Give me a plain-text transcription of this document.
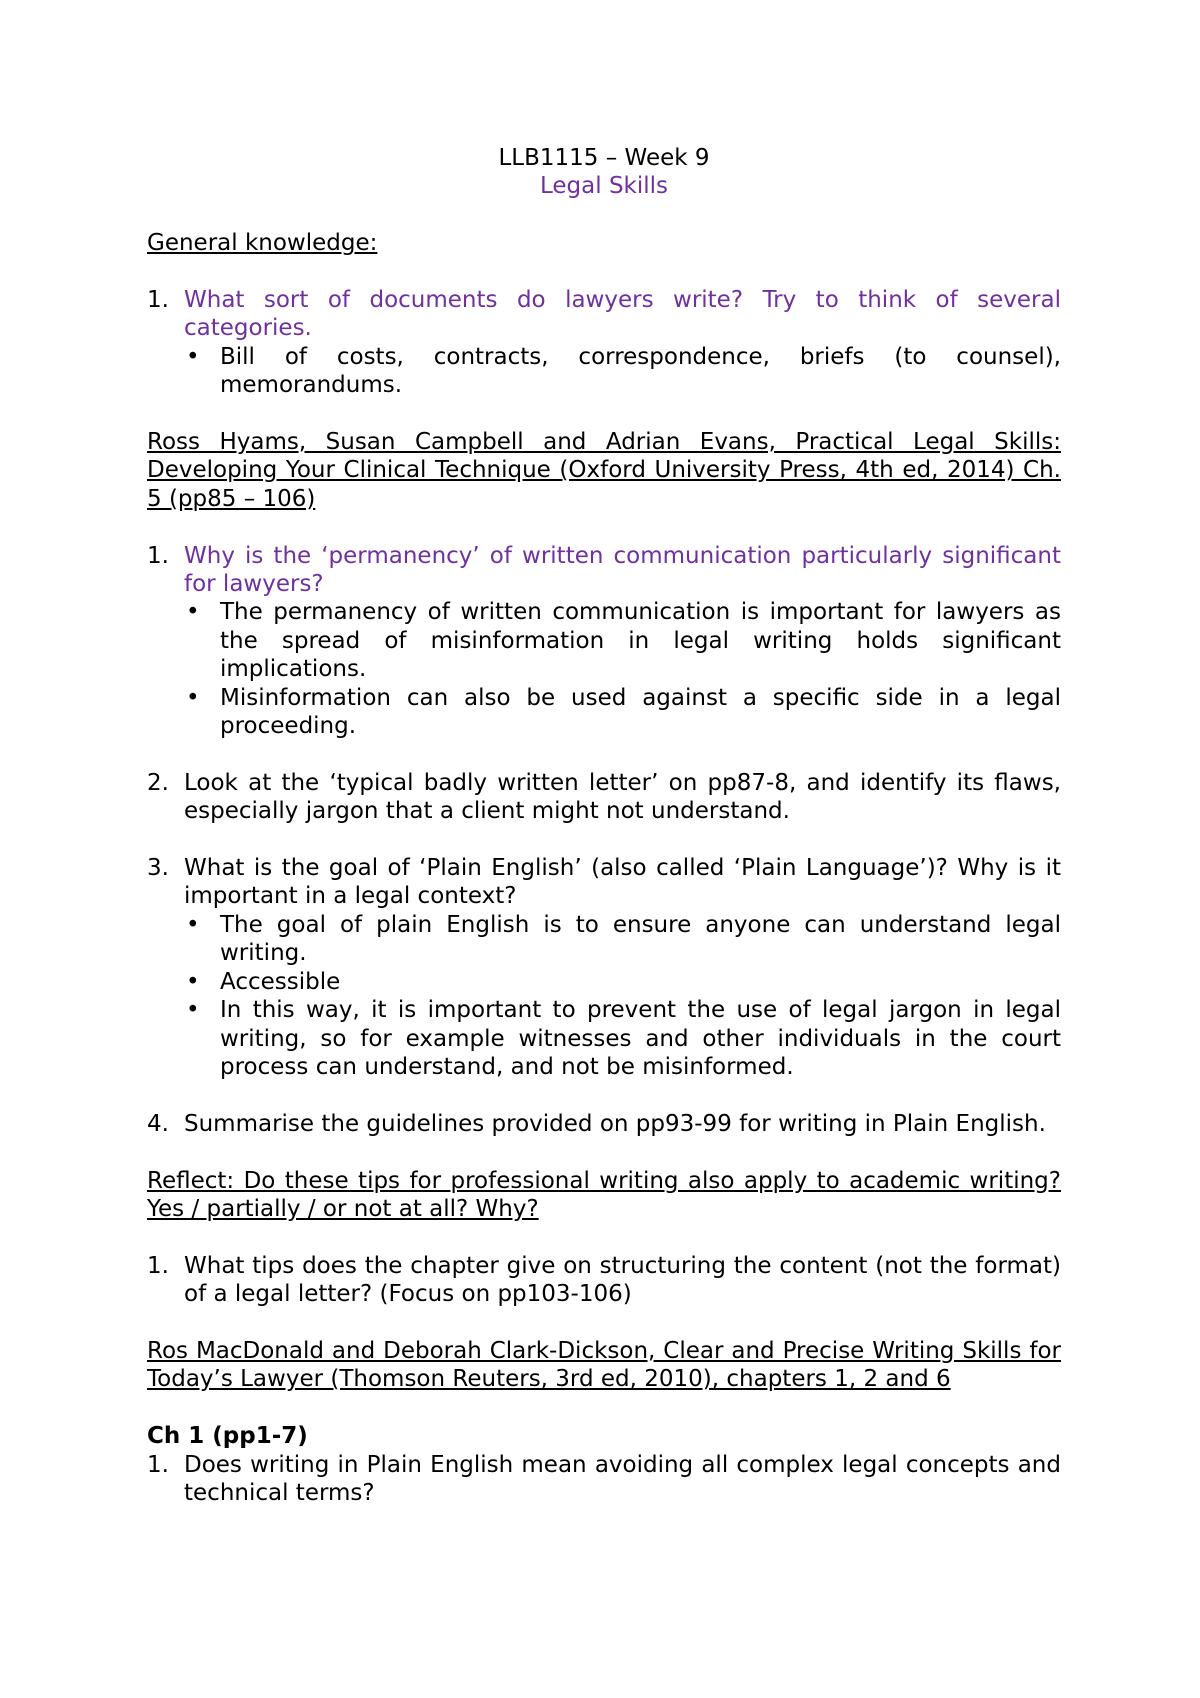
LLB1115 – Week 9
Legal Skills
General knowledge:
1. What sort of documents do lawyers write? Try to think of several categories.
• Bill of costs, contracts, correspondence, briefs (to counsel), memorandums.
Ross Hyams, Susan Campbell and Adrian Evans, Practical Legal Skills: Developing Your Clinical Technique (Oxford University Press, 4th ed, 2014) Ch. 5 (pp85 – 106)
1. Why is the ‘permanency’ of written communication particularly significant for lawyers?
• The permanency of written communication is important for lawyers as the spread of misinformation in legal writing holds significant implications.
• Misinformation can also be used against a specific side in a legal proceeding.
2. Look at the ‘typical badly written letter’ on pp87-8, and identify its flaws, especially jargon that a client might not understand.
3. What is the goal of ‘Plain English’ (also called ‘Plain Language’)? Why is it important in a legal context?
• The goal of plain English is to ensure anyone can understand legal writing.
• Accessible
• In this way, it is important to prevent the use of legal jargon in legal writing, so for example witnesses and other individuals in the court process can understand, and not be misinformed.
4. Summarise the guidelines provided on pp93-99 for writing in Plain English.
Reflect: Do these tips for professional writing also apply to academic writing? Yes / partially / or not at all? Why?
1. What tips does the chapter give on structuring the content (not the format) of a legal letter? (Focus on pp103-106)
Ros MacDonald and Deborah Clark-Dickson, Clear and Precise Writing Skills for Today’s Lawyer (Thomson Reuters, 3rd ed, 2010), chapters 1, 2 and 6
Ch 1 (pp1-7)
1. Does writing in Plain English mean avoiding all complex legal concepts and technical terms?
